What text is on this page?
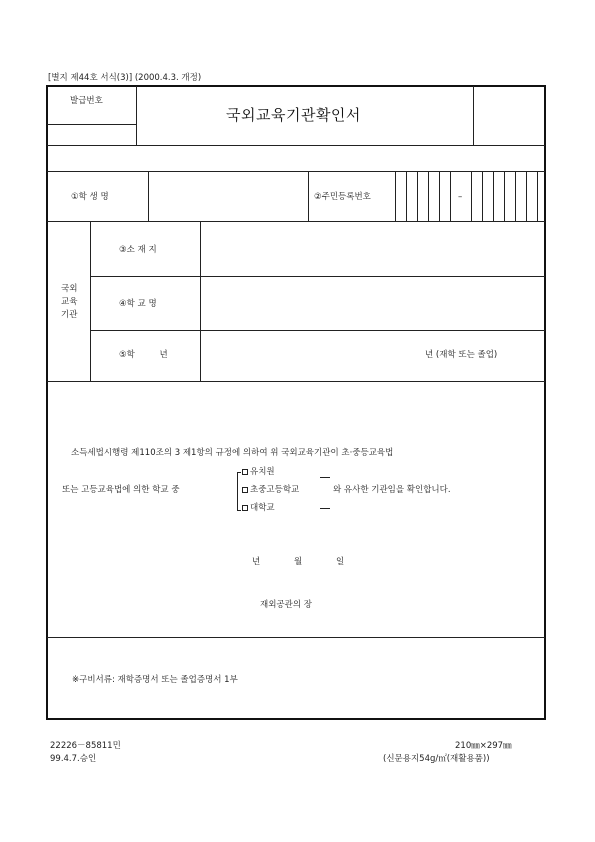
[별지 제44호 서식(3)] (2000.4.3. 개정)
발급번호
국외교육기관확인서
①학 생 명	②주민등록번호	–
국외
교육
기관
③소 재 지
④학 교 명
⑤학 년	년 (재학 또는 졸업)
소득세법시행령 제110조의 3 제1항의 규정에 의하여 위 국외교육기관이 초·중등교육법
또는 고등교육법에 의한 학교 중
유치원
초중고등학교
대학교
와 유사한 기관임을 확인합니다.
년	월	일
재외공관의 장
※구비서류: 재학증명서 또는 졸업증명서 1부
22226－85811민
99.4.7.승인
210㎜×297㎜
(신문용지54g/㎡(재활용품))
